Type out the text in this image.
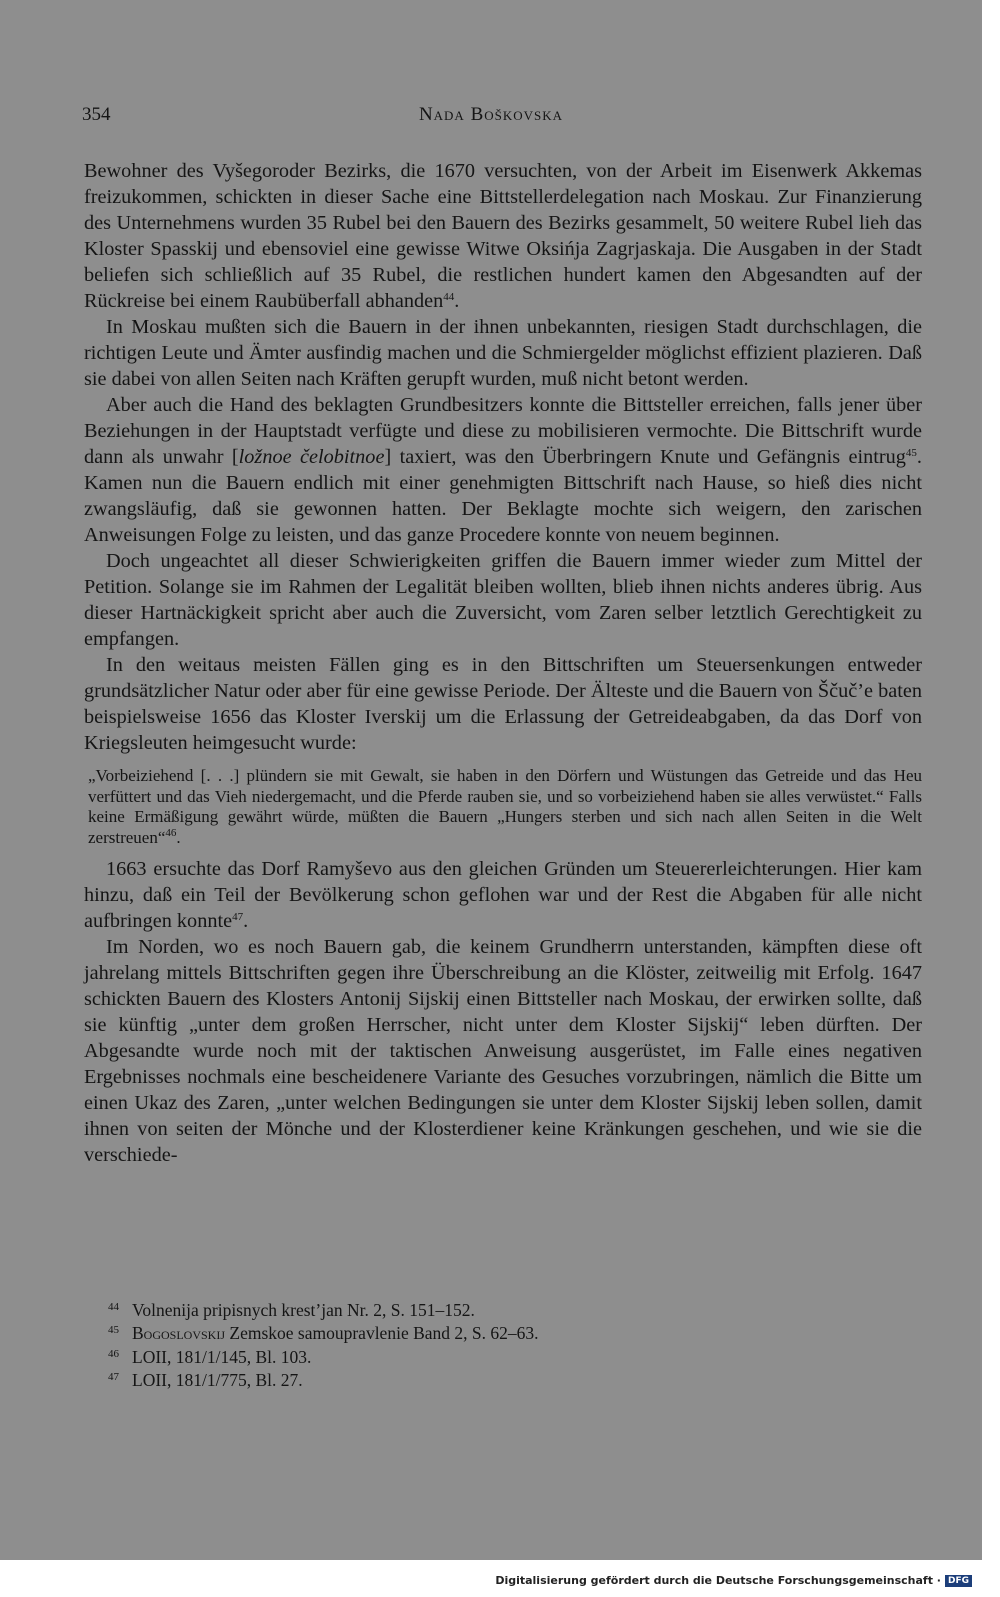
354	Nada Boškovska

Bewohner des Vyšegoroder Bezirks, die 1670 versuchten, von der Arbeit im Eisenwerk Akkemas freizukommen, schickten in dieser Sache eine Bittstellerdelegation nach Moskau. Zur Finanzierung des Unternehmens wurden 35 Rubel bei den Bauern des Bezirks gesammelt, 50 weitere Rubel lieh das Kloster Spasskij und ebensoviel eine gewisse Witwe Oksińja Zagrjaskaja. Die Ausgaben in der Stadt beliefen sich schließlich auf 35 Rubel, die restlichen hundert kamen den Abgesandten auf der Rückreise bei einem Raubüberfall abhanden$^{44}$.

In Moskau mußten sich die Bauern in der ihnen unbekannten, riesigen Stadt durchschlagen, die richtigen Leute und Ämter ausfindig machen und die Schmiergelder möglichst effizient plazieren. Daß sie dabei von allen Seiten nach Kräften gerupft wurden, muß nicht betont werden.

Aber auch die Hand des beklagten Grundbesitzers konnte die Bittsteller erreichen, falls jener über Beziehungen in der Hauptstadt verfügte und diese zu mobilisieren vermochte. Die Bittschrift wurde dann als unwahr [ložnoe čelobitnoe] taxiert, was den Überbringern Knute und Gefängnis eintrug$^{45}$. Kamen nun die Bauern endlich mit einer genehmigten Bittschrift nach Hause, so hieß dies nicht zwangsläufig, daß sie gewonnen hatten. Der Beklagte mochte sich weigern, den zarischen Anweisungen Folge zu leisten, und das ganze Procedere konnte von neuem beginnen.

Doch ungeachtet all dieser Schwierigkeiten griffen die Bauern immer wieder zum Mittel der Petition. Solange sie im Rahmen der Legalität bleiben wollten, blieb ihnen nichts anderes übrig. Aus dieser Hartnäckigkeit spricht aber auch die Zuversicht, vom Zaren selber letztlich Gerechtigkeit zu empfangen.

In den weitaus meisten Fällen ging es in den Bittschriften um Steuersenkungen entweder grundsätzlicher Natur oder aber für eine gewisse Periode. Der Älteste und die Bauern von Ščuč’e baten beispielsweise 1656 das Kloster Iverskij um die Erlassung der Getreideabgaben, da das Dorf von Kriegsleuten heimgesucht wurde:

„Vorbeiziehend [. . .] plündern sie mit Gewalt, sie haben in den Dörfern und Wüstungen das Getreide und das Heu verfüttert und das Vieh niedergemacht, und die Pferde rauben sie, und so vorbeiziehend haben sie alles verwüstet.“ Falls keine Ermäßigung gewährt würde, müßten die Bauern „Hungers sterben und sich nach allen Seiten in die Welt zerstreuen“$^{46}$.

1663 ersuchte das Dorf Ramyševo aus den gleichen Gründen um Steuererleichterungen. Hier kam hinzu, daß ein Teil der Bevölkerung schon geflohen war und der Rest die Abgaben für alle nicht aufbringen konnte$^{47}$.

Im Norden, wo es noch Bauern gab, die keinem Grundherrn unterstanden, kämpften diese oft jahrelang mittels Bittschriften gegen ihre Überschreibung an die Klöster, zeitweilig mit Erfolg. 1647 schickten Bauern des Klosters Antonij Sijskij einen Bittsteller nach Moskau, der erwirken sollte, daß sie künftig „unter dem großen Herrscher, nicht unter dem Kloster Sijskij“ leben dürften. Der Abgesandte wurde noch mit der taktischen Anweisung ausgerüstet, im Falle eines negativen Ergebnisses nochmals eine bescheidenere Variante des Gesuches vorzubringen, nämlich die Bitte um einen Ukaz des Zaren, „unter welchen Bedingungen sie unter dem Kloster Sijskij leben sollen, damit ihnen von seiten der Mönche und der Klosterdiener keine Kränkungen geschehen, und wie sie die verschiede-

44 Volnenija pripisnych krest’jan Nr. 2, S. 151–152.
45 Bogoslovskij Zemskoe samoupravlenie Band 2, S. 62–63.
46 LOII, 181/1/145, Bl. 103.
47 LOII, 181/1/775, Bl. 27.
Digitalisierung gefördert durch die Deutsche Forschungsgemeinschaft · DFG
